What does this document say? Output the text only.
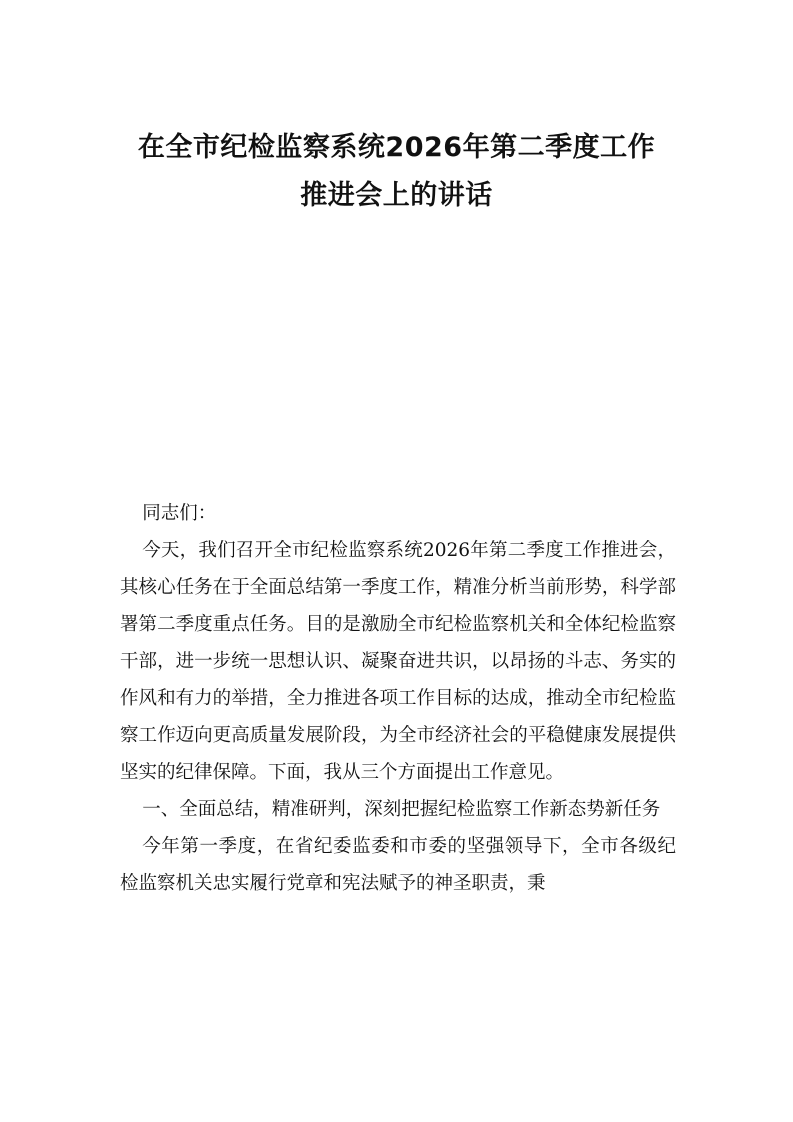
在全市纪检监察系统2026年第二季度工作
推进会上的讲话

同志们：

今天，我们召开全市纪检监察系统2026年第二季度工作推进会，其核心任务在于全面总结第一季度工作，精准分析当前形势，科学部署第二季度重点任务。目的是激励全市纪检监察机关和全体纪检监察干部，进一步统一思想认识、凝聚奋进共识，以昂扬的斗志、务实的作风和有力的举措，全力推进各项工作目标的达成，推动全市纪检监察工作迈向更高质量发展阶段，为全市经济社会的平稳健康发展提供坚实的纪律保障。下面，我从三个方面提出工作意见。

一、全面总结，精准研判，深刻把握纪检监察工作新态势新任务

今年第一季度，在省纪委监委和市委的坚强领导下，全市各级纪检监察机关忠实履行党章和宪法赋予的神圣职责，秉
